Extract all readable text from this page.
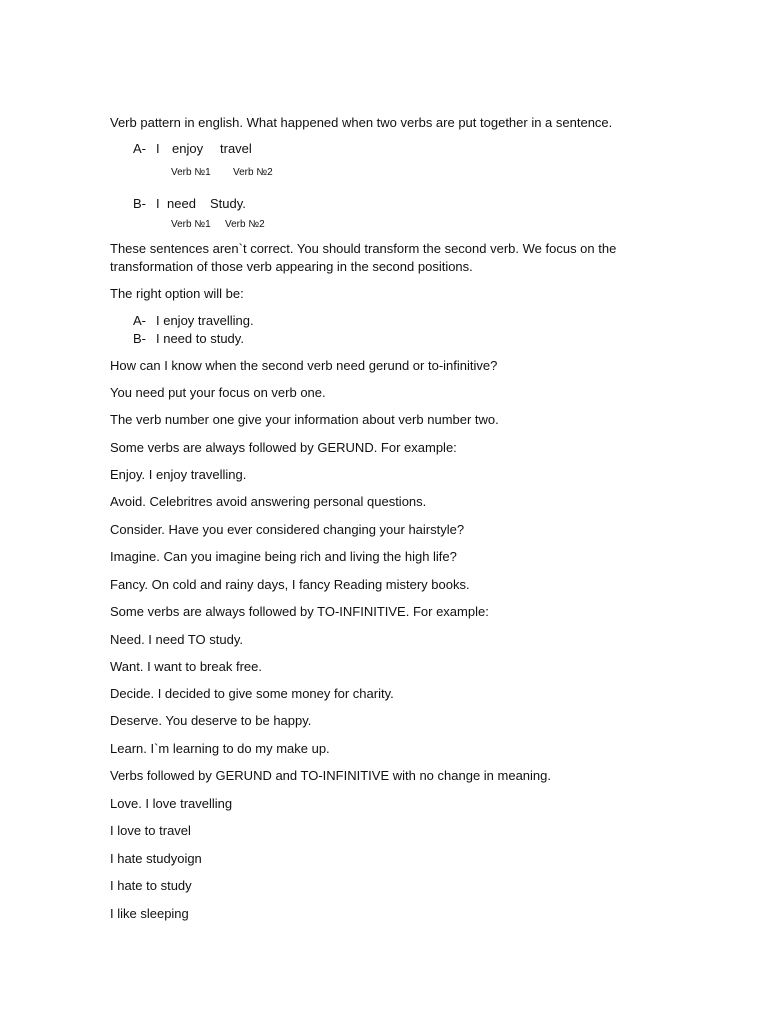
Verb pattern in english. What happened when two verbs are put together in a sentence.
A- I enjoy travel
Verb №1 Verb №2
B- I need Study.
Verb №1 Verb №2
These sentences aren`t correct. You should transform the second verb. We focus on the
transformation of those verb appearing in the second positions.
The right option will be:
A- I enjoy travelling.
B- I need to study.
How can I know when the second verb need gerund or to-infinitive?
You need put your focus on verb one.
The verb number one give your information about verb number two.
Some verbs are always followed by GERUND. For example:
Enjoy. I enjoy travelling.
Avoid. Celebritres avoid answering personal questions.
Consider. Have you ever considered changing your hairstyle?
Imagine. Can you imagine being rich and living the high life?
Fancy. On cold and rainy days, I fancy Reading mistery books.
Some verbs are always followed by TO-INFINITIVE. For example:
Need. I need TO study.
Want. I want to break free.
Decide. I decided to give some money for charity.
Deserve. You deserve to be happy.
Learn. I`m learning to do my make up.
Verbs followed by GERUND and TO-INFINITIVE with no change in meaning.
Love. I love travelling
I love to travel
I hate studyoign
I hate to study
I like sleeping
